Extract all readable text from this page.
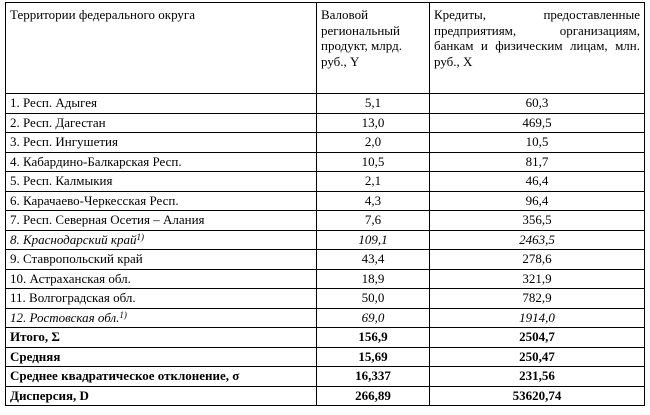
Территории федерального округа	Валовой региональный продукт, млрд. руб., Y	Кредиты, предоставленные предприятиям, организациям, банкам и физическим лицам, млн. руб., X
1. Респ. Адыгея	5,1	60,3
2. Респ. Дагестан	13,0	469,5
3. Респ. Ингушетия	2,0	10,5
4. Кабардино-Балкарская Респ.	10,5	81,7
5. Респ. Калмыкия	2,1	46,4
6. Карачаево-Черкесская Респ.	4,3	96,4
7. Респ. Северная Осетия – Алания	7,6	356,5
8. Краснодарский край$^{1)}$	109,1	2463,5
9. Ставропольский край	43,4	278,6
10. Астраханская обл.	18,9	321,9
11. Волгоградская обл.	50,0	782,9
12. Ростовская обл.$^{1)}$	69,0	1914,0
Итого, Σ	156,9	2504,7
Средняя	15,69	250,47
Среднее квадратическое отклонение, σ	16,337	231,56
Дисперсия, D	266,89	53620,74
